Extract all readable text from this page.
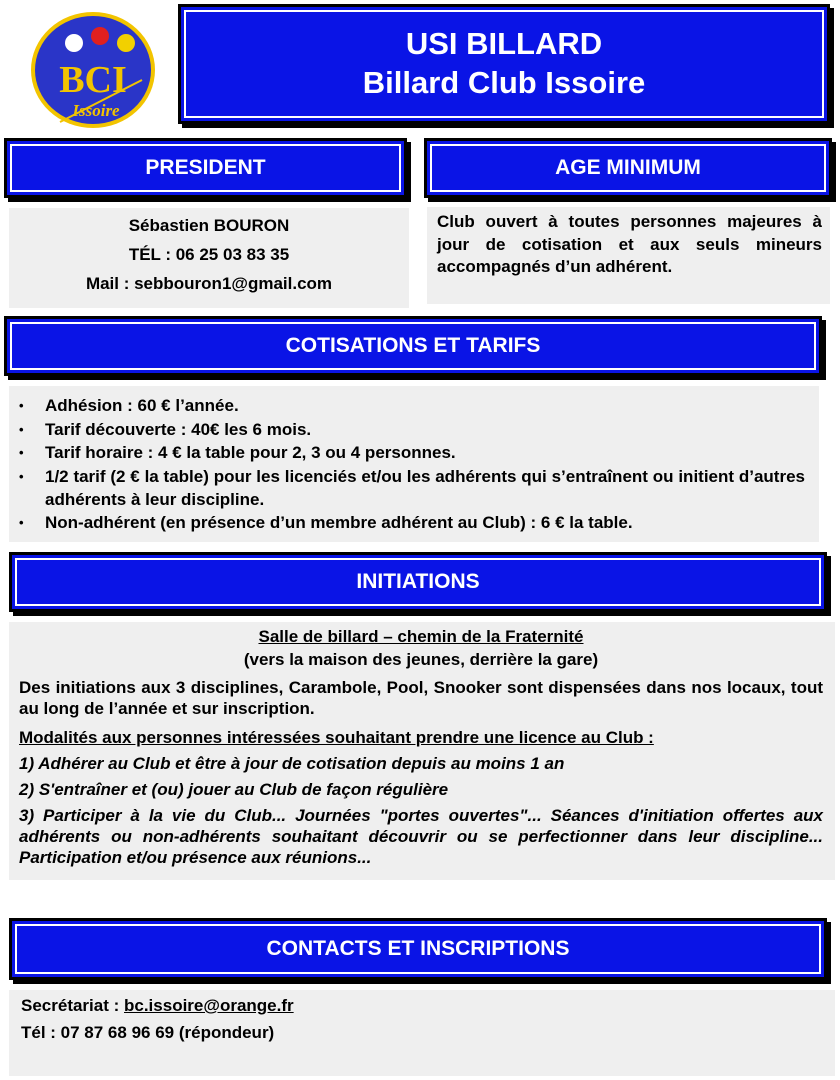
BCI
Issoire
USI BILLARD
Billard Club Issoire
PRESIDENT
Sébastien BOURON
TÉL : 06 25 03 83 35
Mail : sebbouron1@gmail.com
AGE MINIMUM
Club ouvert à toutes personnes majeures à jour de cotisation et aux seuls mineurs accompagnés d’un adhérent.
COTISATIONS ET TARIFS
• Adhésion : 60 € l’année.
• Tarif découverte : 40€ les 6 mois.
• Tarif horaire : 4 € la table pour 2, 3 ou 4 personnes.
• 1/2 tarif (2 € la table) pour les licenciés et/ou les adhérents qui s’entraînent ou initient d’autres adhérents à leur discipline.
• Non-adhérent (en présence d’un membre adhérent au Club) : 6 € la table.
INITIATIONS
Salle de billard – chemin de la Fraternité
(vers la maison des jeunes, derrière la gare)
Des initiations aux 3 disciplines, Carambole, Pool, Snooker sont dispensées dans nos locaux, tout au long de l’année et sur inscription.
Modalités aux personnes intéressées souhaitant prendre une licence au Club :
1) Adhérer au Club et être à jour de cotisation depuis au moins 1 an
2) S'entraîner et (ou) jouer au Club de façon régulière
3) Participer à la vie du Club... Journées "portes ouvertes"... Séances d'initiation offertes aux adhérents ou non-adhérents souhaitant découvrir ou se perfectionner dans leur discipline... Participation et/ou présence aux réunions...
CONTACTS ET INSCRIPTIONS
Secrétariat : bc.issoire@orange.fr
Tél : 07 87 68 96 69 (répondeur)
